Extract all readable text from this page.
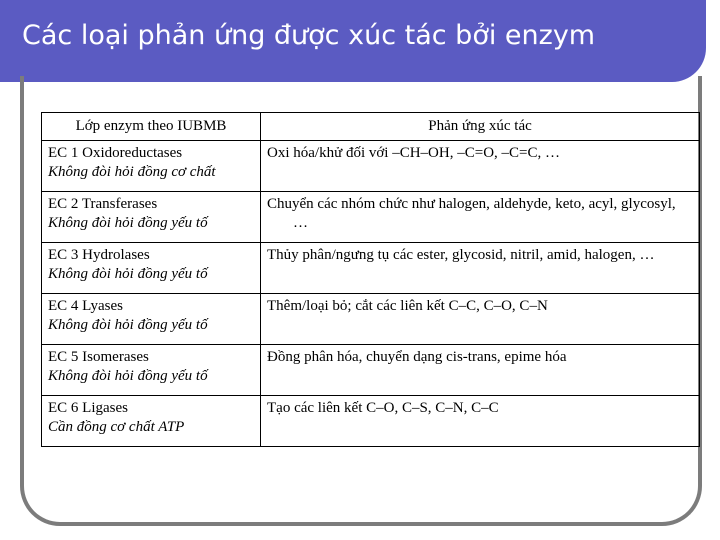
Các loại phản ứng được xúc tác bởi enzym
Lớp enzym theo IUBMB	Phản ứng xúc tác

EC 1 Oxidoreductases
Không đòi hỏi đồng cơ chất	Oxi hóa/khử đối với –CH–OH, –C=O, –C=C, …

EC 2 Transferases
Không đòi hỏi đồng yếu tố	Chuyển các nhóm chức như halogen, aldehyde, keto, acyl, glycosyl, …

EC 3 Hydrolases
Không đòi hỏi đồng yếu tố	Thủy phân/ngưng tụ các ester, glycosid, nitril, amid, halogen, …

EC 4 Lyases
Không đòi hỏi đồng yếu tố	Thêm/loại bỏ; cắt các liên kết C–C, C–O, C–N

EC 5 Isomerases
Không đòi hỏi đồng yếu tố	Đồng phân hóa, chuyển dạng cis-trans, epime hóa

EC 6 Ligases
Cần đồng cơ chất ATP	Tạo các liên kết C–O, C–S, C–N, C–C
